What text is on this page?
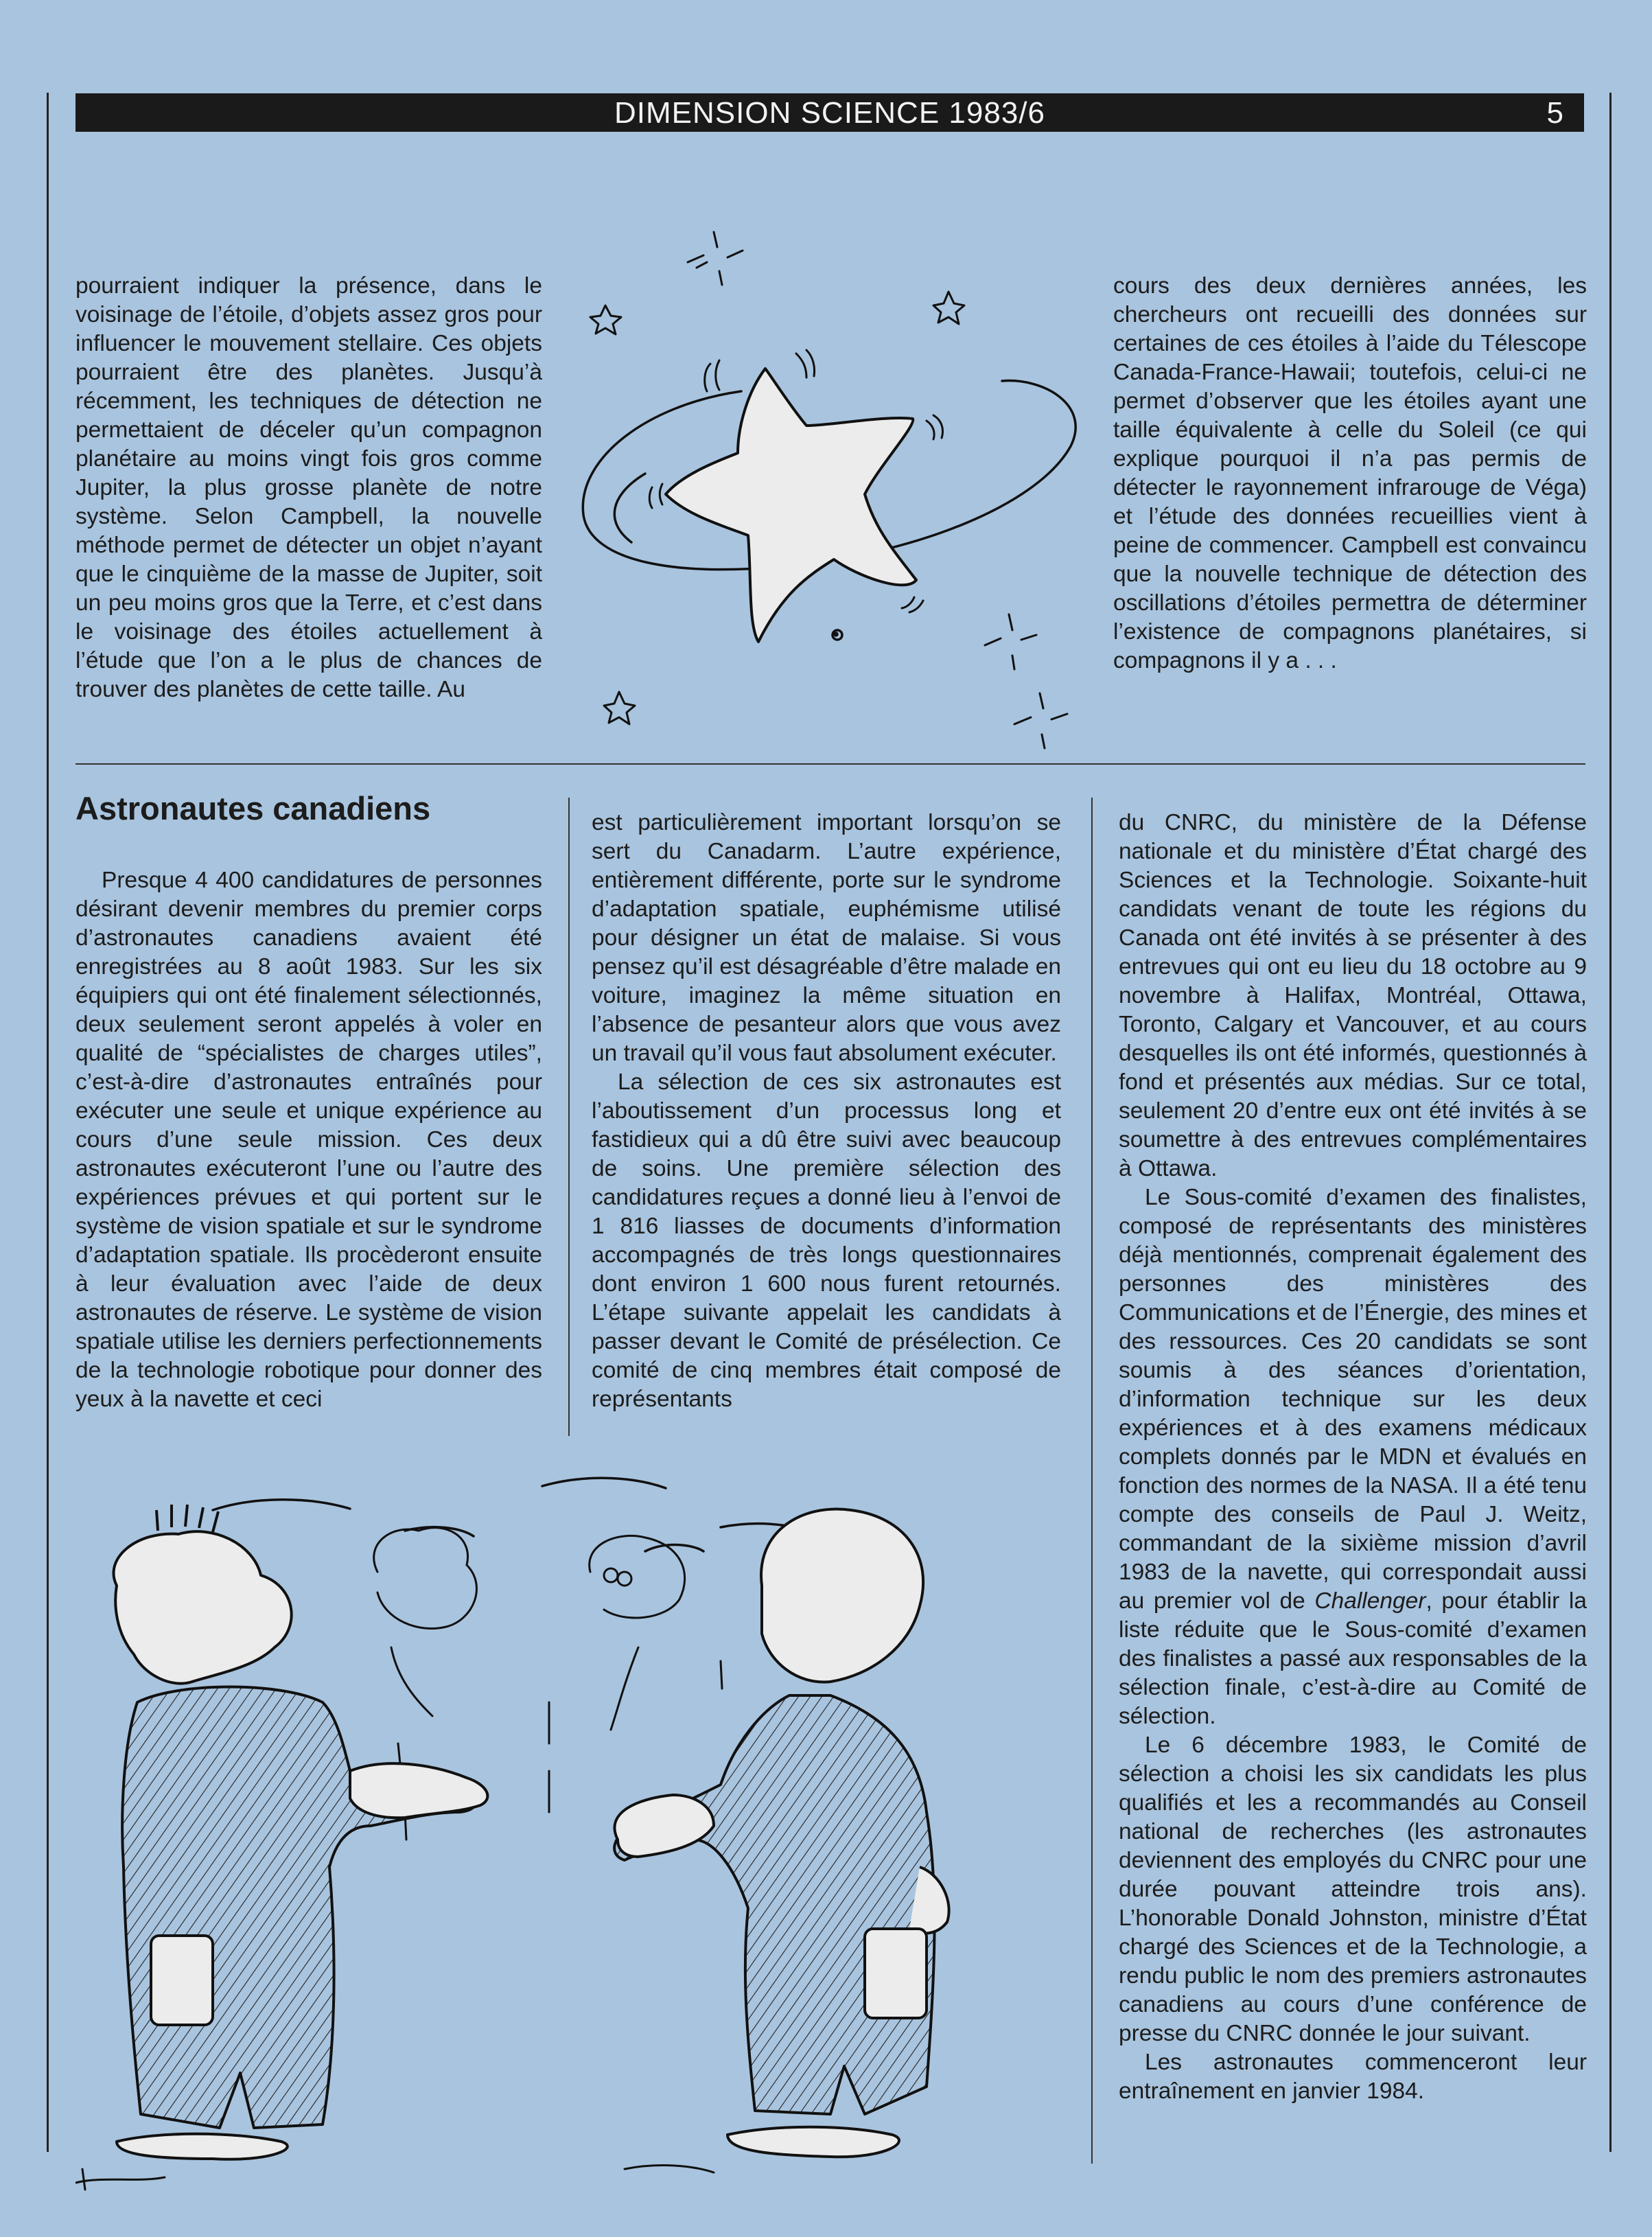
DIMENSION SCIENCE 1983/6	5

pourraient indiquer la présence, dans le voisinage de l’étoile, d’objets assez gros pour influencer le mouvement stellaire. Ces objets pourraient être des planètes. Jusqu’à récemment, les techniques de détection ne permettaient de déceler qu’un compagnon planétaire au moins vingt fois gros comme Jupiter, la plus grosse planète de notre système. Selon Campbell, la nouvelle méthode permet de détecter un objet n’ayant que le cinquième de la masse de Jupiter, soit un peu moins gros que la Terre, et c’est dans le voisinage des étoiles actuellement à l’étude que l’on a le plus de chances de trouver des planètes de cette taille. Au

cours des deux dernières années, les chercheurs ont recueilli des données sur certaines de ces étoiles à l’aide du Télescope Canada-France-Hawaii; toutefois, celui-ci ne permet d’observer que les étoiles ayant une taille équivalente à celle du Soleil (ce qui explique pourquoi il n’a pas permis de détecter le rayonnement infrarouge de Véga) et l’étude des données recueillies vient à peine de commencer. Campbell est convaincu que la nouvelle technique de détection des oscillations d’étoiles permettra de déterminer l’existence de compagnons planétaires, si compagnons il y a . . .

Astronautes canadiens

Presque 4 400 candidatures de personnes désirant devenir membres du premier corps d’astronautes canadiens avaient été enregistrées au 8 août 1983. Sur les six équipiers qui ont été finalement sélectionnés, deux seulement seront appelés à voler en qualité de “spécialistes de charges utiles”, c’est-à-dire d’astronautes entraînés pour exécuter une seule et unique expérience au cours d’une seule mission. Ces deux astronautes exécuteront l’une ou l’autre des expériences prévues et qui portent sur le système de vision spatiale et sur le syndrome d’adaptation spatiale. Ils procèderont ensuite à leur évaluation avec l’aide de deux astronautes de réserve. Le système de vision spatiale utilise les derniers perfectionnements de la technologie robotique pour donner des yeux à la navette et ceci

est particulièrement important lorsqu’on se sert du Canadarm. L’autre expérience, entièrement différente, porte sur le syndrome d’adaptation spatiale, euphémisme utilisé pour désigner un état de malaise. Si vous pensez qu’il est désagréable d’être malade en voiture, imaginez la même situation en l’absence de pesanteur alors que vous avez un travail qu’il vous faut absolument exécuter.

La sélection de ces six astronautes est l’aboutissement d’un processus long et fastidieux qui a dû être suivi avec beaucoup de soins. Une première sélection des candidatures reçues a donné lieu à l’envoi de 1 816 liasses de documents d’information accompagnés de très longs questionnaires dont environ 1 600 nous furent retournés. L’étape suivante appelait les candidats à passer devant le Comité de présélection. Ce comité de cinq membres était composé de représentants

du CNRC, du ministère de la Défense nationale et du ministère d’État chargé des Sciences et la Technologie. Soixante-huit candidats venant de toute les régions du Canada ont été invités à se présenter à des entrevues qui ont eu lieu du 18 octobre au 9 novembre à Halifax, Montréal, Ottawa, Toronto, Calgary et Vancouver, et au cours desquelles ils ont été informés, questionnés à fond et présentés aux médias. Sur ce total, seulement 20 d’entre eux ont été invités à se soumettre à des entrevues complémentaires à Ottawa.

Le Sous-comité d’examen des finalistes, composé de représentants des ministères déjà mentionnés, comprenait également des personnes des ministères des Communications et de l’Énergie, des mines et des ressources. Ces 20 candidats se sont soumis à des séances d’orientation, d’information technique sur les deux expériences et à des examens médicaux complets donnés par le MDN et évalués en fonction des normes de la NASA. Il a été tenu compte des conseils de Paul J. Weitz, commandant de la sixième mission d’avril 1983 de la navette, qui correspondait aussi au premier vol de Challenger, pour établir la liste réduite que le Sous-comité d’examen des finalistes a passé aux responsables de la sélection finale, c’est-à-dire au Comité de sélection.

Le 6 décembre 1983, le Comité de sélection a choisi les six candidats les plus qualifiés et les a recommandés au Conseil national de recherches (les astronautes deviennent des employés du CNRC pour une durée pouvant atteindre trois ans). L’honorable Donald Johnston, ministre d’État chargé des Sciences et de la Technologie, a rendu public le nom des premiers astronautes canadiens au cours d’une conférence de presse du CNRC donnée le jour suivant.

Les astronautes commenceront leur entraînement en janvier 1984.
